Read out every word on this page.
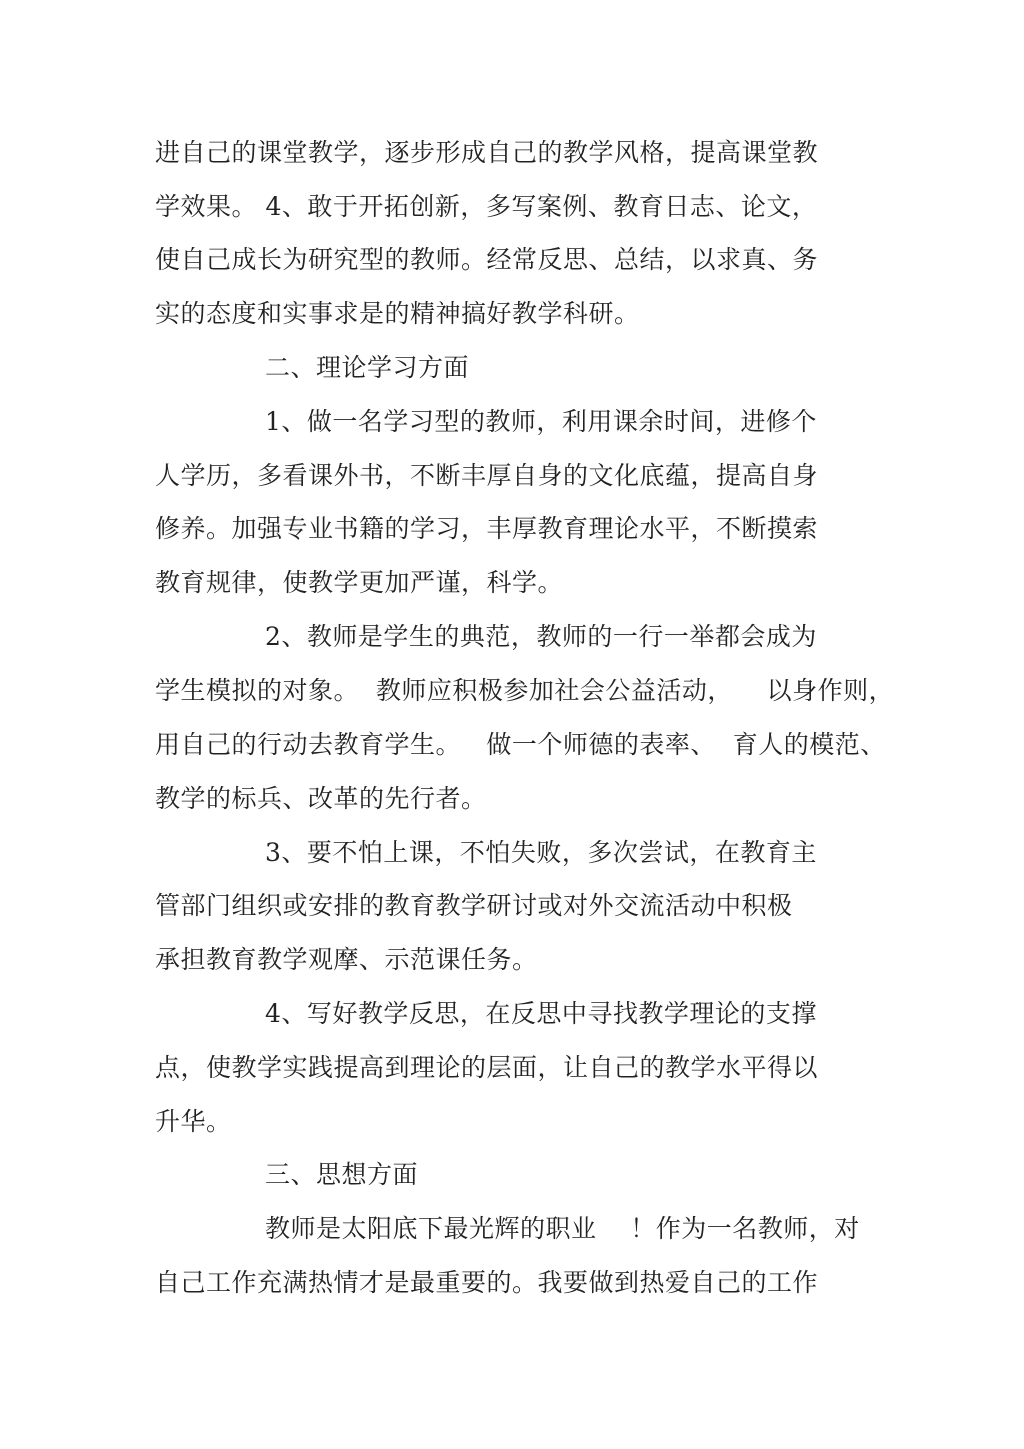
进自己的课堂教学，逐步形成自己的教学风格，提高课堂教
学效果。 4、敢于开拓创新，多写案例、教育日志、论文，
使自己成长为研究型的教师。经常反思、总结，以求真、务
实的态度和实事求是的精神搞好教学科研。
二、理论学习方面
1、做一名学习型的教师，利用课余时间，进修个
人学历，多看课外书，不断丰厚自身的文化底蕴，提高自身
修养。加强专业书籍的学习，丰厚教育理论水平，不断摸索
教育规律，使教学更加严谨，科学。
2、教师是学生的典范，教师的一行一举都会成为
学生模拟的对象。  教师应积极参加社会公益活动，    以身作则，
用自己的行动去教育学生。   做一个师德的表率、  育人的模范、
教学的标兵、改革的先行者。
3、要不怕上课，不怕失败，多次尝试，在教育主
管部门组织或安排的教育教学研讨或对外交流活动中积极
承担教育教学观摩、示范课任务。
4、写好教学反思，在反思中寻找教学理论的支撑
点，使教学实践提高到理论的层面，让自己的教学水平得以
升华。
三、思想方面
教师是太阳底下最光辉的职业    ！作为一名教师，对
自己工作充满热情才是最重要的。我要做到热爱自己的工作
